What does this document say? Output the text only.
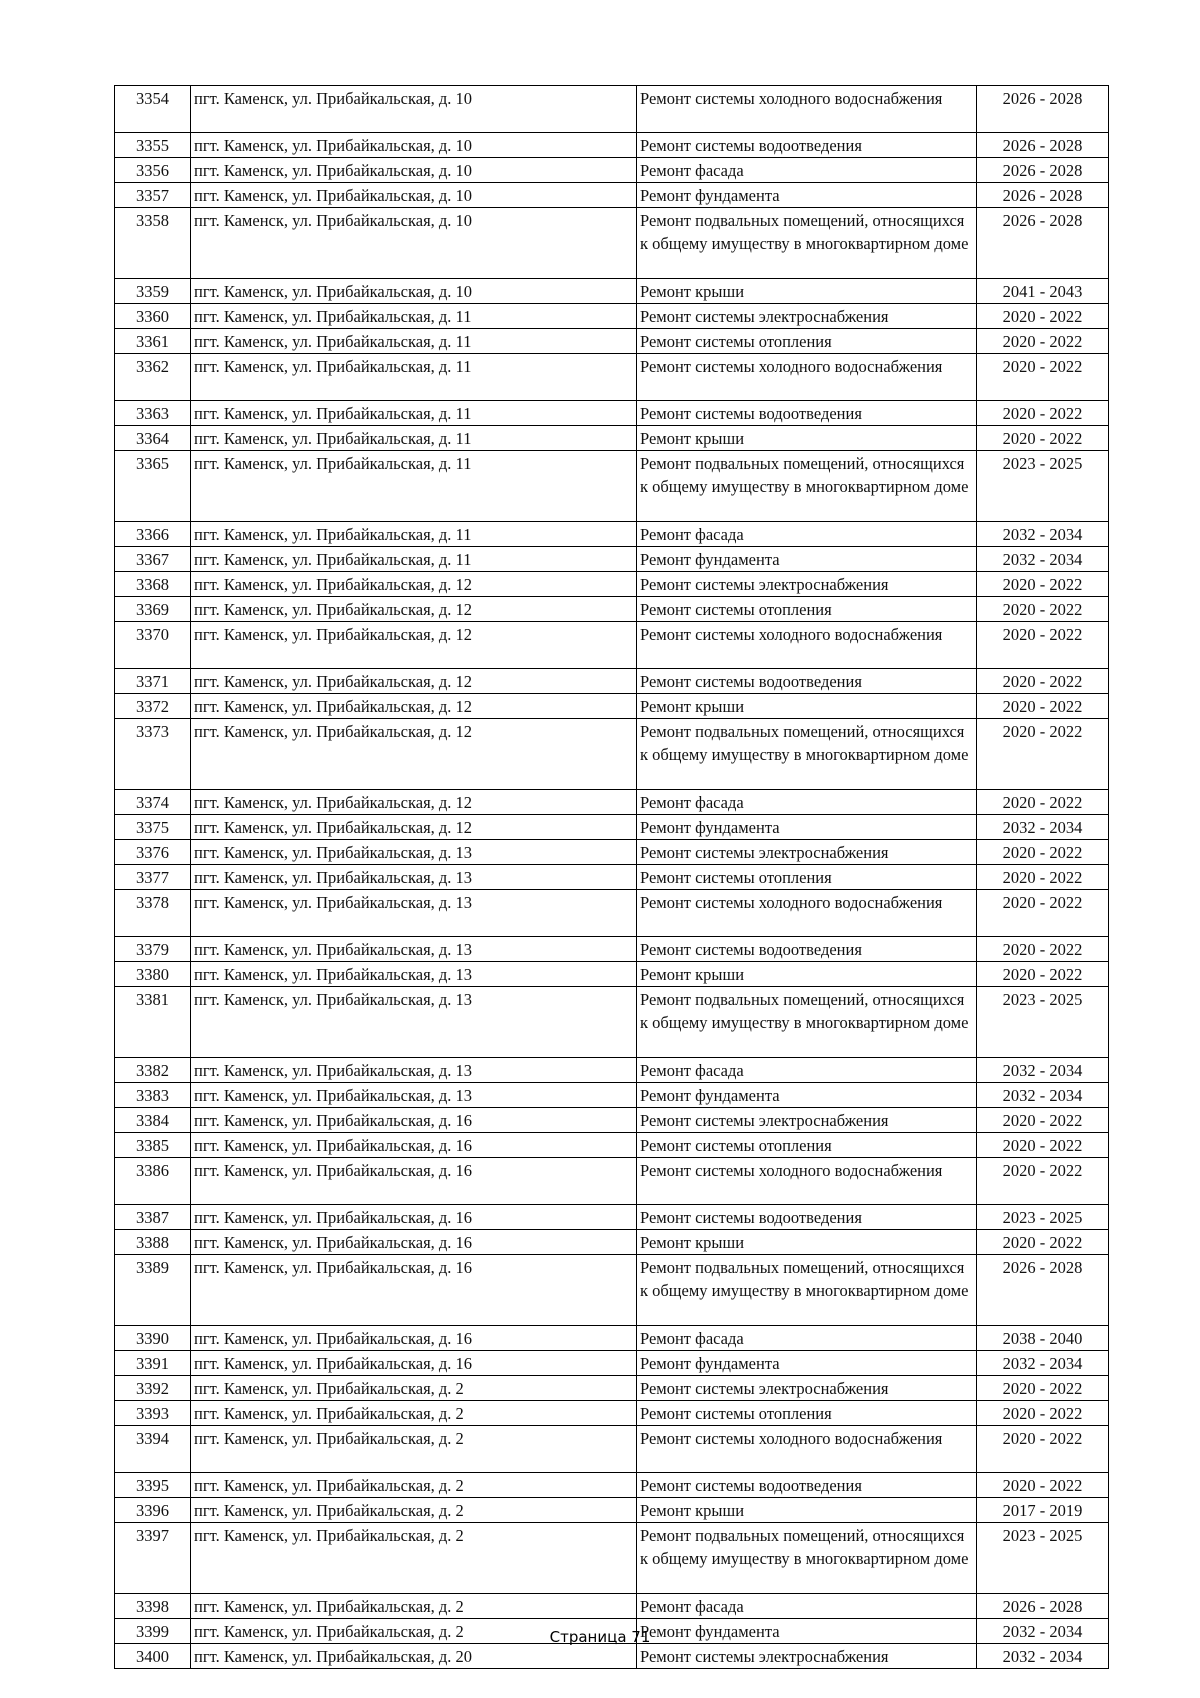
3354	пгт. Каменск, ул. Прибайкальская, д. 10	Ремонт системы холодного водоснабжения	2026 - 2028
3355	пгт. Каменск, ул. Прибайкальская, д. 10	Ремонт системы водоотведения	2026 - 2028
3356	пгт. Каменск, ул. Прибайкальская, д. 10	Ремонт фасада	2026 - 2028
3357	пгт. Каменск, ул. Прибайкальская, д. 10	Ремонт фундамента	2026 - 2028
3358	пгт. Каменск, ул. Прибайкальская, д. 10	Ремонт подвальных помещений, относящихся к общему имуществу в многоквартирном доме	2026 - 2028
3359	пгт. Каменск, ул. Прибайкальская, д. 10	Ремонт крыши	2041 - 2043
3360	пгт. Каменск, ул. Прибайкальская, д. 11	Ремонт системы электроснабжения	2020 - 2022
3361	пгт. Каменск, ул. Прибайкальская, д. 11	Ремонт системы отопления	2020 - 2022
3362	пгт. Каменск, ул. Прибайкальская, д. 11	Ремонт системы холодного водоснабжения	2020 - 2022
3363	пгт. Каменск, ул. Прибайкальская, д. 11	Ремонт системы водоотведения	2020 - 2022
3364	пгт. Каменск, ул. Прибайкальская, д. 11	Ремонт крыши	2020 - 2022
3365	пгт. Каменск, ул. Прибайкальская, д. 11	Ремонт подвальных помещений, относящихся к общему имуществу в многоквартирном доме	2023 - 2025
3366	пгт. Каменск, ул. Прибайкальская, д. 11	Ремонт фасада	2032 - 2034
3367	пгт. Каменск, ул. Прибайкальская, д. 11	Ремонт фундамента	2032 - 2034
3368	пгт. Каменск, ул. Прибайкальская, д. 12	Ремонт системы электроснабжения	2020 - 2022
3369	пгт. Каменск, ул. Прибайкальская, д. 12	Ремонт системы отопления	2020 - 2022
3370	пгт. Каменск, ул. Прибайкальская, д. 12	Ремонт системы холодного водоснабжения	2020 - 2022
3371	пгт. Каменск, ул. Прибайкальская, д. 12	Ремонт системы водоотведения	2020 - 2022
3372	пгт. Каменск, ул. Прибайкальская, д. 12	Ремонт крыши	2020 - 2022
3373	пгт. Каменск, ул. Прибайкальская, д. 12	Ремонт подвальных помещений, относящихся к общему имуществу в многоквартирном доме	2020 - 2022
3374	пгт. Каменск, ул. Прибайкальская, д. 12	Ремонт фасада	2020 - 2022
3375	пгт. Каменск, ул. Прибайкальская, д. 12	Ремонт фундамента	2032 - 2034
3376	пгт. Каменск, ул. Прибайкальская, д. 13	Ремонт системы электроснабжения	2020 - 2022
3377	пгт. Каменск, ул. Прибайкальская, д. 13	Ремонт системы отопления	2020 - 2022
3378	пгт. Каменск, ул. Прибайкальская, д. 13	Ремонт системы холодного водоснабжения	2020 - 2022
3379	пгт. Каменск, ул. Прибайкальская, д. 13	Ремонт системы водоотведения	2020 - 2022
3380	пгт. Каменск, ул. Прибайкальская, д. 13	Ремонт крыши	2020 - 2022
3381	пгт. Каменск, ул. Прибайкальская, д. 13	Ремонт подвальных помещений, относящихся к общему имуществу в многоквартирном доме	2023 - 2025
3382	пгт. Каменск, ул. Прибайкальская, д. 13	Ремонт фасада	2032 - 2034
3383	пгт. Каменск, ул. Прибайкальская, д. 13	Ремонт фундамента	2032 - 2034
3384	пгт. Каменск, ул. Прибайкальская, д. 16	Ремонт системы электроснабжения	2020 - 2022
3385	пгт. Каменск, ул. Прибайкальская, д. 16	Ремонт системы отопления	2020 - 2022
3386	пгт. Каменск, ул. Прибайкальская, д. 16	Ремонт системы холодного водоснабжения	2020 - 2022
3387	пгт. Каменск, ул. Прибайкальская, д. 16	Ремонт системы водоотведения	2023 - 2025
3388	пгт. Каменск, ул. Прибайкальская, д. 16	Ремонт крыши	2020 - 2022
3389	пгт. Каменск, ул. Прибайкальская, д. 16	Ремонт подвальных помещений, относящихся к общему имуществу в многоквартирном доме	2026 - 2028
3390	пгт. Каменск, ул. Прибайкальская, д. 16	Ремонт фасада	2038 - 2040
3391	пгт. Каменск, ул. Прибайкальская, д. 16	Ремонт фундамента	2032 - 2034
3392	пгт. Каменск, ул. Прибайкальская, д. 2	Ремонт системы электроснабжения	2020 - 2022
3393	пгт. Каменск, ул. Прибайкальская, д. 2	Ремонт системы отопления	2020 - 2022
3394	пгт. Каменск, ул. Прибайкальская, д. 2	Ремонт системы холодного водоснабжения	2020 - 2022
3395	пгт. Каменск, ул. Прибайкальская, д. 2	Ремонт системы водоотведения	2020 - 2022
3396	пгт. Каменск, ул. Прибайкальская, д. 2	Ремонт крыши	2017 - 2019
3397	пгт. Каменск, ул. Прибайкальская, д. 2	Ремонт подвальных помещений, относящихся к общему имуществу в многоквартирном доме	2023 - 2025
3398	пгт. Каменск, ул. Прибайкальская, д. 2	Ремонт фасада	2026 - 2028
3399	пгт. Каменск, ул. Прибайкальская, д. 2	Ремонт фундамента	2032 - 2034
3400	пгт. Каменск, ул. Прибайкальская, д. 20	Ремонт системы электроснабжения	2032 - 2034
Страница 71
